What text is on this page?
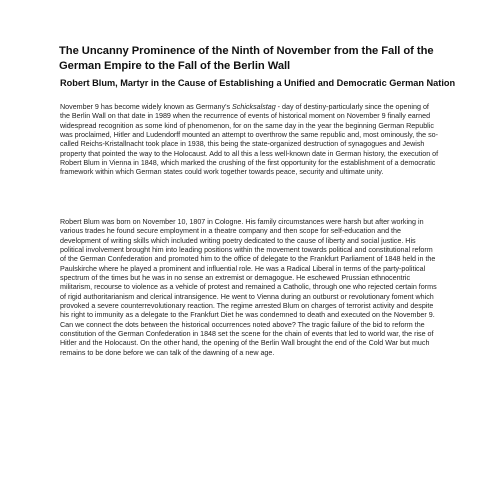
The Uncanny Prominence of the Ninth of November from the Fall of the German Empire to the Fall of the Berlin Wall
Robert Blum, Martyr in the Cause of Establishing a Unified and Democratic German Nation

November 9 has become widely known as Germany's Schicksalstag - day of destiny-particularly since the opening of the Berlin Wall on that date in 1989 when the recurrence of events of historical moment on November 9 finally earned widespread recognition as some kind of phenomenon, for on the same day in the year the beginning German Republic was proclaimed, Hitler and Ludendorff mounted an attempt to overthrow the same republic and, most ominously, the so-called Reichs-Kristallnacht took place in 1938, this being the state-organized destruction of synagogues and Jewish property that pointed the way to the Holocaust. Add to all this a less well-known date in German history, the execution of Robert Blum in Vienna in 1848, which marked the crushing of the first opportunity for the establishment of a democratic framework within which German states could work together towards peace, security and ultimate unity.

Robert Blum was born on November 10, 1807 in Cologne. His family circumstances were harsh but after working in various trades he found secure employment in a theatre company and then scope for self-education and the development of writing skills which included writing poetry dedicated to the cause of liberty and social justice. His political involvement brought him into leading positions within the movement towards political and constitutional reform of the German Confederation and promoted him to the office of delegate to the Frankfurt Parliament of 1848 held in the Paulskirche where he played a prominent and influential role. He was a Radical Liberal in terms of the party-political spectrum of the times but he was in no sense an extremist or demagogue. He eschewed Prussian ethnocentric militarism, recourse to violence as a vehicle of protest and remained a Catholic, through one who rejected certain forms of rigid authoritarianism and clerical intransigence. He went to Vienna during an outburst or revolutionary foment which provoked a severe counterrevolutionary reaction. The regime arrested Blum on charges of terrorist activity and despite his right to immunity as a delegate to the Frankfurt Diet he was condemned to death and executed on the November 9. Can we connect the dots between the historical occurrences noted above? The tragic failure of the bid to reform the constitution of the German Confederation in 1848 set the scene for the chain of events that led to world war, the rise of Hitler and the Holocaust. On the other hand, the opening of the Berlin Wall brought the end of the Cold War but much remains to be done before we can talk of the dawning of a new age.
